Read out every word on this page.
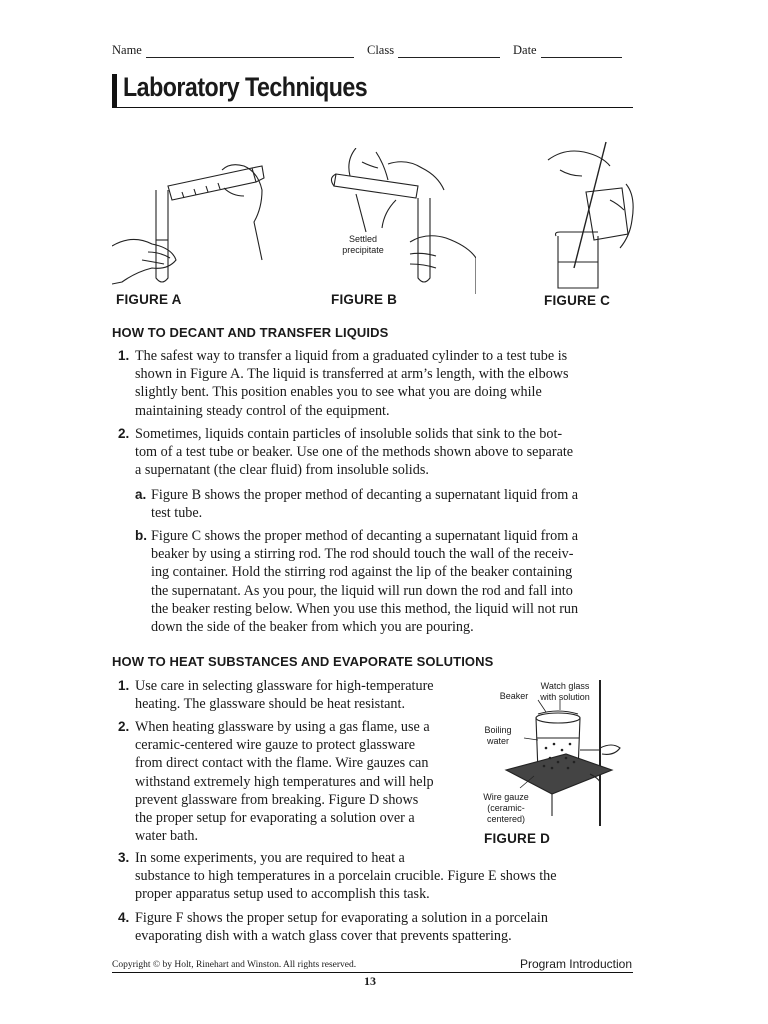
Name	Class	Date
Laboratory Techniques
FIGURE A
Settled precipitate
FIGURE B	FIGURE C
HOW TO DECANT AND TRANSFER LIQUIDS
1. The safest way to transfer a liquid from a graduated cylinder to a test tube is
shown in Figure A. The liquid is transferred at arm’s length, with the elbows
slightly bent. This position enables you to see what you are doing while
maintaining steady control of the equipment.
2. Sometimes, liquids contain particles of insoluble solids that sink to the bot-
tom of a test tube or beaker. Use one of the methods shown above to separate
a supernatant (the clear fluid) from insoluble solids.
a. Figure B shows the proper method of decanting a supernatant liquid from a
test tube.
b. Figure C shows the proper method of decanting a supernatant liquid from a
beaker by using a stirring rod. The rod should touch the wall of the receiv-
ing container. Hold the stirring rod against the lip of the beaker containing
the supernatant. As you pour, the liquid will run down the rod and fall into
the beaker resting below. When you use this method, the liquid will not run
down the side of the beaker from which you are pouring.
HOW TO HEAT SUBSTANCES AND EVAPORATE SOLUTIONS
1. Use care in selecting glassware for high-temperature
heating. The glassware should be heat resistant.
2. When heating glassware by using a gas flame, use a
ceramic-centered wire gauze to protect glassware
from direct contact with the flame. Wire gauzes can
withstand extremely high temperatures and will help
prevent glassware from breaking. Figure D shows
the proper setup for evaporating a solution over a
water bath.
Watch glass with solution
Beaker
Boiling water
Wire gauze (ceramic-centered)
FIGURE D
3. In some experiments, you are required to heat a
substance to high temperatures in a porcelain crucible. Figure E shows the
proper apparatus setup used to accomplish this task.
4. Figure F shows the proper setup for evaporating a solution in a porcelain
evaporating dish with a watch glass cover that prevents spattering.
Copyright © by Holt, Rinehart and Winston. All rights reserved.	Program Introduction
13
